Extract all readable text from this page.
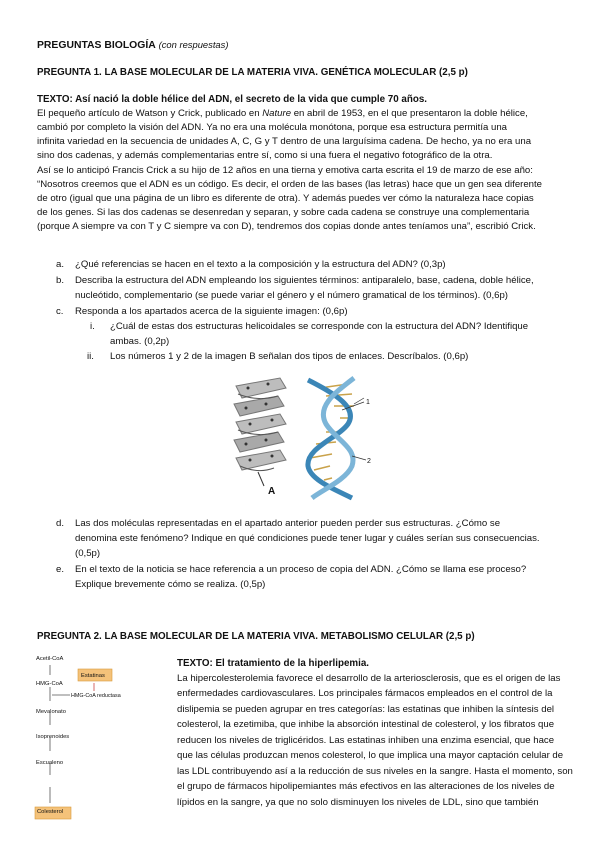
PREGUNTAS BIOLOGÍA (con respuestas)
PREGUNTA 1. LA BASE MOLECULAR DE LA MATERIA VIVA. GENÉTICA MOLECULAR (2,5 p)
TEXTO: Así nació la doble hélice del ADN, el secreto de la vida que cumple 70 años.
El pequeño artículo de Watson y Crick, publicado en Nature en abril de 1953, en el que presentaron la doble hélice,
cambió por completo la visión del ADN. Ya no era una molécula monótona, porque esa estructura permitía una
infinita variedad en la secuencia de unidades A, C, G y T dentro de una larguísima cadena. De hecho, ya no era una
sino dos cadenas, y además complementarias entre sí, como si una fuera el negativo fotográfico de la otra.
Así se lo anticipó Francis Crick a su hijo de 12 años en una tierna y emotiva carta escrita el 19 de marzo de ese año:
“Nosotros creemos que el ADN es un código. Es decir, el orden de las bases (las letras) hace que un gen sea diferente
de otro (igual que una página de un libro es diferente de otra). Y además puedes ver cómo la naturaleza hace copias
de los genes. Si las dos cadenas se desenredan y separan, y sobre cada cadena se construye una complementaria
(porque A siempre va con T y C siempre va con D), tendremos dos copias donde antes teníamos una”, escribió Crick.
a. ¿Qué referencias se hacen en el texto a la composición y la estructura del ADN? (0,3p)
b. Describa la estructura del ADN empleando los siguientes términos: antiparalelo, base, cadena, doble hélice,
nucleótido, complementario (se puede variar el género y el número gramatical de los términos). (0,6p)
c. Responda a los apartados acerca de la siguiente imagen: (0,6p)
i. ¿Cuál de estas dos estructuras helicoidales se corresponde con la estructura del ADN? Identifique
ambas. (0,2p)
ii. Los números 1 y 2 de la imagen B señalan dos tipos de enlaces. Descríbalos. (0,6p)
A
1
2
d. Las dos moléculas representadas en el apartado anterior pueden perder sus estructuras. ¿Cómo se
denomina este fenómeno? Indique en qué condiciones puede tener lugar y cuáles serían sus consecuencias.
(0,5p)
e. En el texto de la noticia se hace referencia a un proceso de copia del ADN. ¿Cómo se llama ese proceso?
Explique brevemente cómo se realiza. (0,5p)
PREGUNTA 2. LA BASE MOLECULAR DE LA MATERIA VIVA. METABOLISMO CELULAR (2,5 p)
Acetil-CoA
HMG-CoA
Estatinas
HMG-CoA reductasa
Mevalonato
Isoprenoides
Escualeno
Colesterol
TEXTO: El tratamiento de la hiperlipemia.
La hipercolesterolemia favorece el desarrollo de la arteriosclerosis, que es el origen de las
enfermedades cardiovasculares. Los principales fármacos empleados en el control de la
dislipemia se pueden agrupar en tres categorías: las estatinas que inhiben la síntesis del
colesterol, la ezetimiba, que inhibe la absorción intestinal de colesterol, y los fibratos que
reducen los niveles de triglicéridos. Las estatinas inhiben una enzima esencial, que hace
que las células produzcan menos colesterol, lo que implica una mayor captación celular de
las LDL contribuyendo así a la reducción de sus niveles en la sangre. Hasta el momento, son
el grupo de fármacos hipolipemiantes más efectivos en las alteraciones de los niveles de
lípidos en la sangre, ya que no solo disminuyen los niveles de LDL, sino que también
